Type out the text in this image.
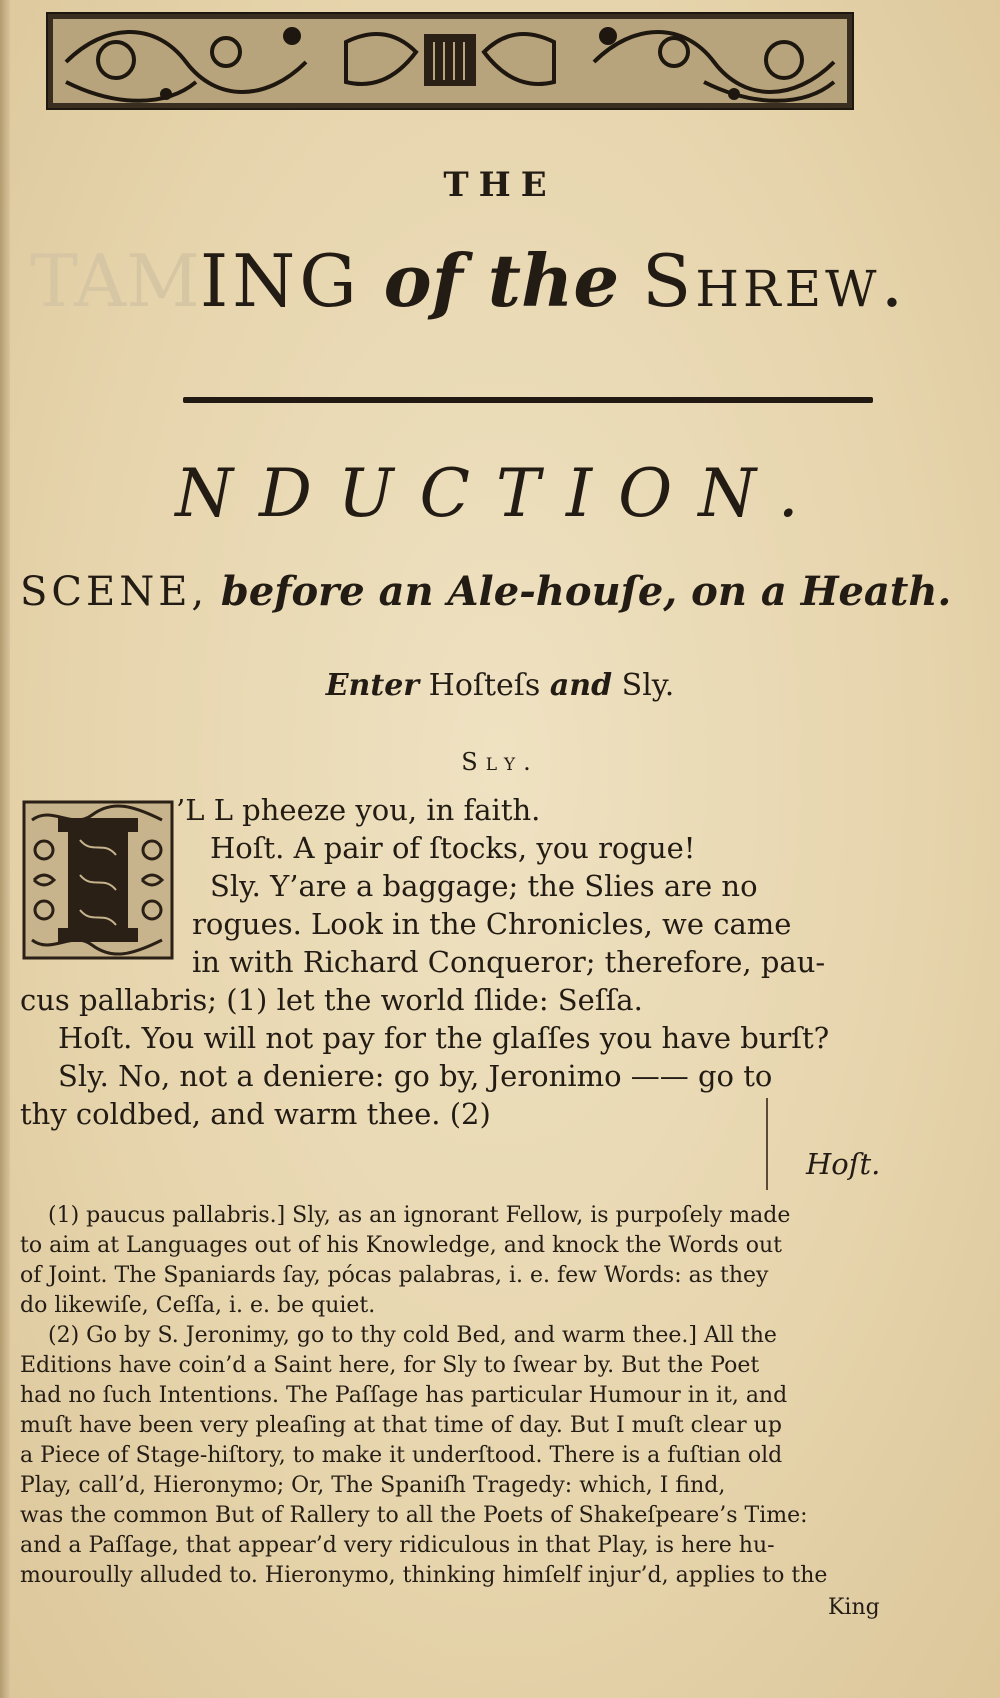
THE
TAMING of the Shrew.
NDUCTION.
SCENE, before an Ale-houſe, on a Heath.
Enter Hoſteſs and Sly.
Sly.
’L L pheeze you, in faith.
Hoſt. A pair of ſtocks, you rogue!
Sly. Y’are a baggage; the Slies are no
rogues. Look in the Chronicles, we came
in with Richard Conqueror; therefore, pau-
cus pallabris; (1) let the world ſlide: Seſſa.
Hoſt. You will not pay for the glaſſes you have burſt?
Sly. No, not a deniere: go by, Jeronimo —— go to
thy coldbed, and warm thee. (2)
Hoſt.
(1) paucus pallabris.] Sly, as an ignorant Fellow, is purpoſely made
to aim at Languages out of his Knowledge, and knock the Words out
of Joint. The Spaniards ſay, pócas palabras, i. e. few Words: as they
do likewiſe, Ceſſa, i. e. be quiet.
(2) Go by S. Jeronimy, go to thy cold Bed, and warm thee.] All the
Editions have coin’d a Saint here, for Sly to ſwear by. But the Poet
had no ſuch Intentions. The Paſſage has particular Humour in it, and
muſt have been very pleaſing at that time of day. But I muſt clear up
a Piece of Stage-hiſtory, to make it underſtood. There is a fuſtian old
Play, call’d, Hieronymo; Or, The Spaniſh Tragedy: which, I find,
was the common But of Rallery to all the Poets of Shakeſpeare’s Time:
and a Paſſage, that appear’d very ridiculous in that Play, is here hu-
mouroully alluded to. Hieronymo, thinking himſelf injur’d, applies to the
King
